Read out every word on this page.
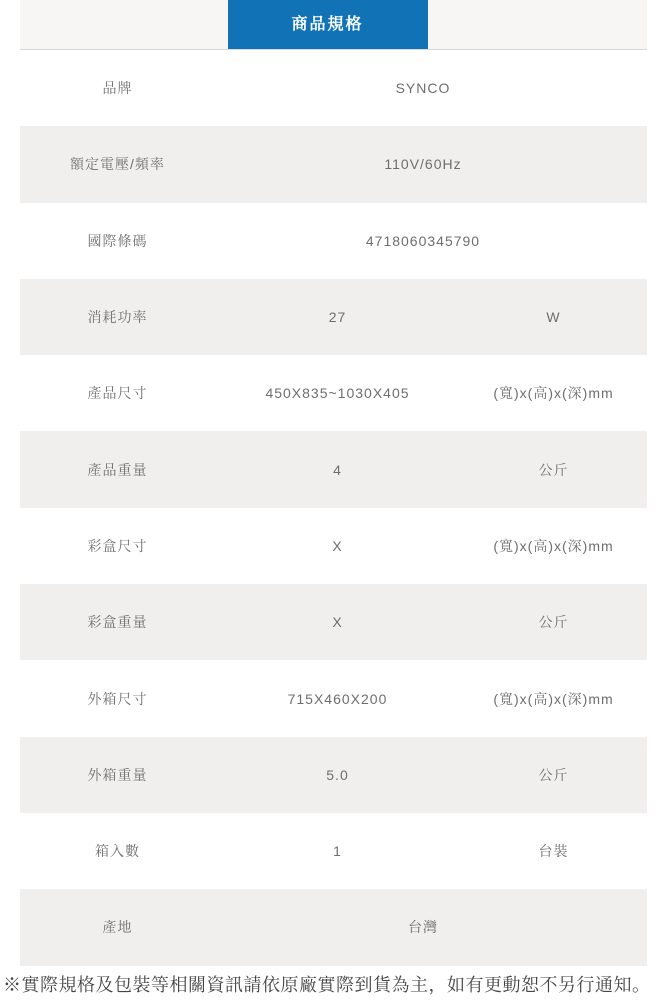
商品規格
品牌	SYNCO
額定電壓/頻率	110V/60Hz
國際條碼	4718060345790
消耗功率	27	W
產品尺寸	450X835~1030X405	(寬)x(高)x(深)mm
產品重量	4	公斤
彩盒尺寸	X	(寬)x(高)x(深)mm
彩盒重量	X	公斤
外箱尺寸	715X460X200	(寬)x(高)x(深)mm
外箱重量	5.0	公斤
箱入數	1	台裝
產地	台灣
※實際規格及包裝等相關資訊請依原廠實際到貨為主，如有更動恕不另行通知。
